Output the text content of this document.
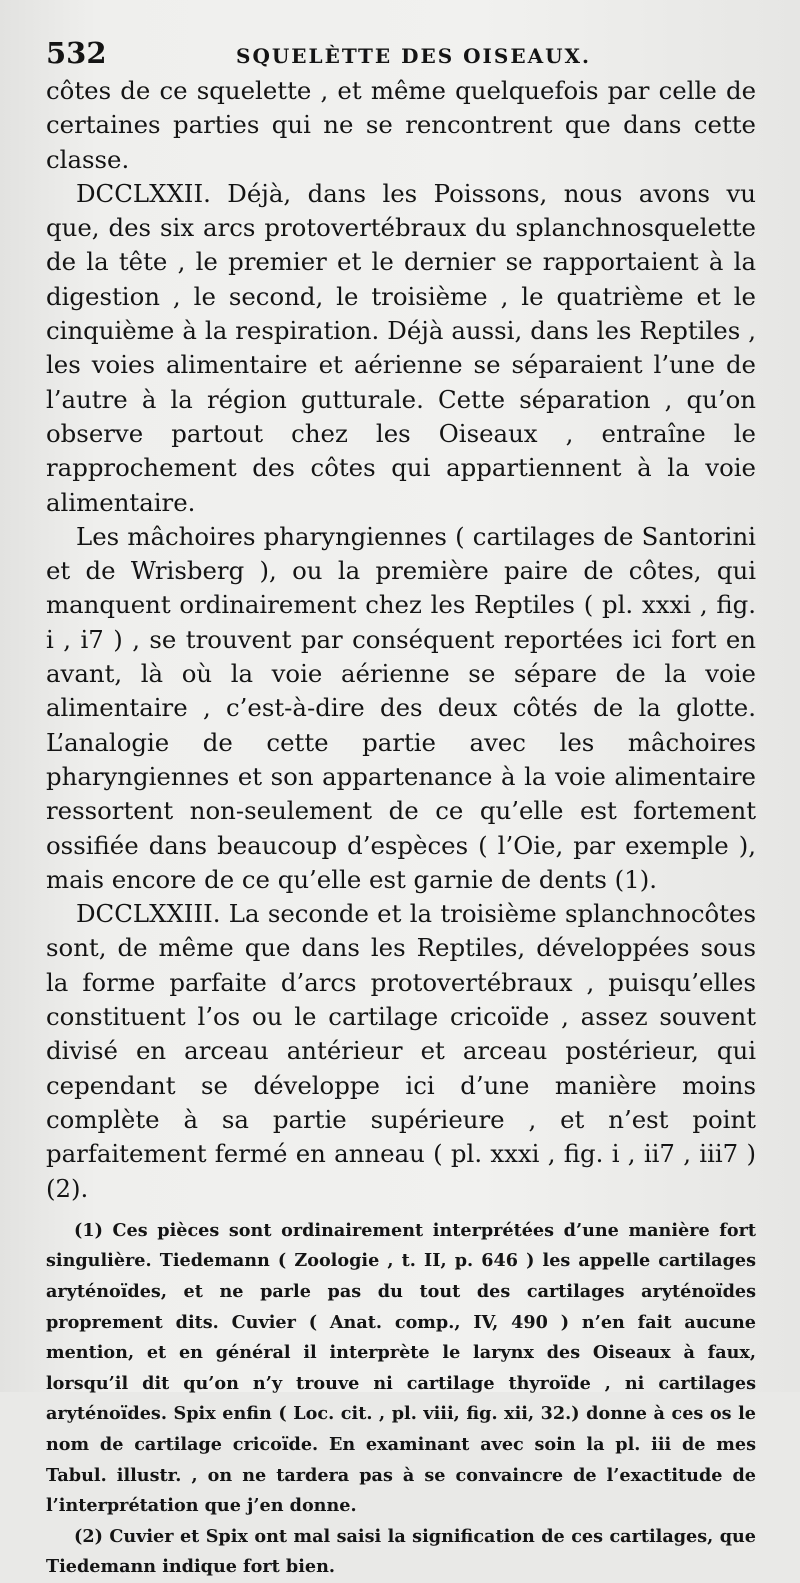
532	SQUELÈTTE DES OISEAUX.

côtes de ce squelette , et même quelquefois par celle de certaines parties qui ne se rencontrent que dans cette classe.

DCCLXXII. Déjà, dans les Poissons, nous avons vu que, des six arcs protovertébraux du splanchnosquelette de la tête , le premier et le dernier se rapportaient à la digestion , le second, le troisième , le quatrième et le cinquième à la respiration. Déjà aussi, dans les Reptiles , les voies alimentaire et aérienne se séparaient l’une de l’autre à la région gutturale. Cette séparation , qu’on observe partout chez les Oiseaux , entraîne le rapprochement des côtes qui appartiennent à la voie alimentaire.

Les mâchoires pharyngiennes ( cartilages de Santorini et de Wrisberg ), ou la première paire de côtes, qui manquent ordinairement chez les Reptiles ( pl. xxxi , fig. i , i7 ) , se trouvent par conséquent reportées ici fort en avant, là où la voie aérienne se sépare de la voie alimentaire , c’est-à-dire des deux côtés de la glotte. L’analogie de cette partie avec les mâchoires pharyngiennes et son appartenance à la voie alimentaire ressortent non-seulement de ce qu’elle est fortement ossifiée dans beaucoup d’espèces ( l’Oie, par exemple ), mais encore de ce qu’elle est garnie de dents (1).

DCCLXXIII. La seconde et la troisième splanchnocôtes sont, de même que dans les Reptiles, développées sous la forme parfaite d’arcs protovertébraux , puisqu’elles constituent l’os ou le cartilage cricoïde , assez souvent divisé en arceau antérieur et arceau postérieur, qui cependant se développe ici d’une manière moins complète à sa partie supérieure , et n’est point parfaitement fermé en anneau ( pl. xxxi , fig. i , ii7 , iii7 ) (2).

(1) Ces pièces sont ordinairement interprétées d’une manière fort singulière. Tiedemann ( Zoologie , t. II, p. 646 ) les appelle cartilages aryténoïdes, et ne parle pas du tout des cartilages aryténoïdes proprement dits. Cuvier ( Anat. comp., IV, 490 ) n’en fait aucune mention, et en général il interprète le larynx des Oiseaux à faux, lorsqu’il dit qu’on n’y trouve ni cartilage thyroïde , ni cartilages aryténoïdes. Spix enfin ( Loc. cit. , pl. viii, fig. xii, 32.) donne à ces os le nom de cartilage cricoïde. En examinant avec soin la pl. iii de mes Tabul. illustr. , on ne tardera pas à se convaincre de l’exactitude de l’interprétation que j’en donne.

(2) Cuvier et Spix ont mal saisi la signification de ces cartilages, que Tiedemann indique fort bien.
